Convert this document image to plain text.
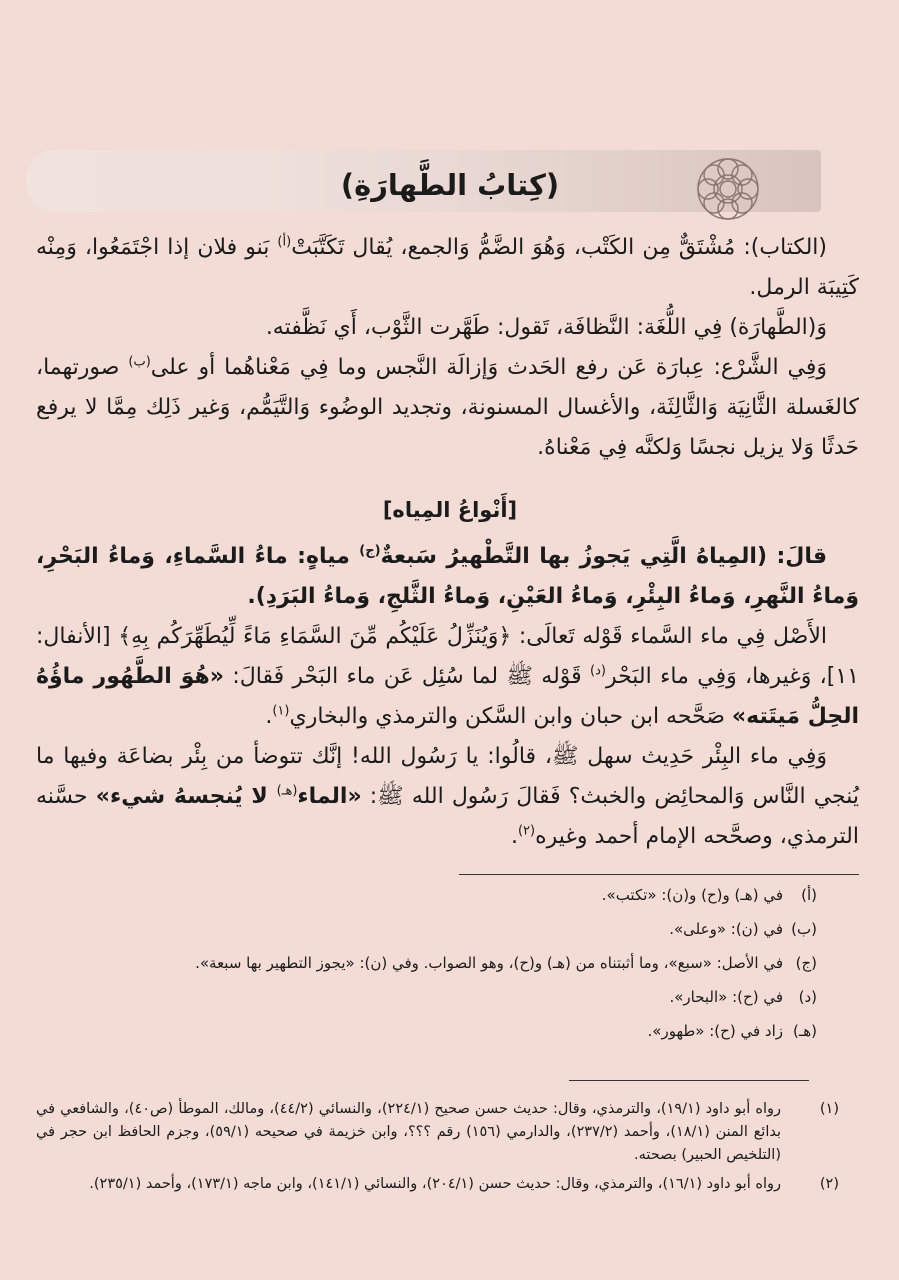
(كِتابُ الطَّهارَةِ)

(الكتاب): مُشْتَقٌّ مِن الكَتْب، وَهُوَ الضَّمُّ وَالجمع، يُقال تَكَتَّبَتْ$^{(أ)}$ بَنو فلان إذا اجْتَمَعُوا، وَمِنْه كَتِيبَة الرمل.

وَ(الطَّهارَة) فِي اللُّغَة: النَّظافَة، تَقول: طَهَّرت الثَّوْب، أَي نَظَّفته.

وَفِي الشَّرْع: عِبارَة عَن رفع الحَدث وَإزالَة النَّجس وما فِي مَعْناهُما أو على$^{(ب)}$ صورتهما، كالغَسلة الثَّانِيَة وَالثَّالِثَة، والأغسال المسنونة، وتجديد الوضُوء وَالتَّيَمُّم، وَغير ذَلِك مِمَّا لا يرفع حَدثًا وَلا يزيل نجسًا وَلكنَّه فِي مَعْناهُ.

[أَنْواعُ المِياه]

قالَ: (المِياهُ الَّتِي يَجوزُ بها التَّطْهيرُ سَبعةٌ$^{(ج)}$ مياهٍ: ماءُ السَّماءِ، وَماءُ البَحْرِ، وَماءُ النَّهرِ، وَماءُ البِئْرِ، وَماءُ العَيْنِ، وَماءُ الثَّلجِ، وَماءُ البَرَدِ).

الأَصْل فِي ماء السَّماء قَوْله تَعالَى: ﴿وَيُنَزِّلُ عَلَيْكُم مِّنَ السَّمَاءِ مَاءً لِّيُطَهِّرَكُم بِهِ﴾ [الأنفال: ١١]، وَغيرها، وَفِي ماء البَحْر$^{(د)}$ قَوْله ﷺ لما سُئِل عَن ماء البَحْر فَقالَ: «هُوَ الطَّهُور ماؤُهُ الحِلُّ مَيتَته» صَحَّحه ابن حبان وابن السَّكن والترمذي والبخاري$^{(١)}$.

وَفِي ماء البِئْر حَدِيث سهل ﷺ، قالُوا: يا رَسُول الله! إنَّك تتوضأ من بِئْر بضاعَة وفيها ما يُنجي النَّاس وَالمحائِض والخبث؟ فَقالَ رَسُول الله ﷺ: «الماء$^{(هـ)}$ لا يُنجسهُ شيء» حسَّنه الترمذي، وصحَّحه الإمام أحمد وغيره$^{(٢)}$.

(أ)
في (هـ) و(ح) و(ن): «تكتب».
(ب)
في (ن): «وعلى».
(ج)
في الأصل: «سبع»، وما أثبتناه من (هـ) و(ح)، وهو الصواب. وفي (ن): «يجوز التطهير بها سبعة».
(د)
في (ح): «البحار».
(هـ)
زاد في (ح): «طهور».
(١)
رواه أبو داود (١٩/١)، والترمذي، وقال: حديث حسن صحيح (٢٢٤/١)، والنسائي (٤٤/٢)، ومالك، الموطأ (ص٤٠)، والشافعي في بدائع المنن (١٨/١)، وأحمد (٢٣٧/٢)، والدارمي (١٥٦) رقم ؟؟؟، وابن خزيمة في صحيحه (٥٩/١)، وجزم الحافظ ابن حجر في (التلخيص الحبير) بصحته.
(٢)
رواه أبو داود (١٦/١)، والترمذي، وقال: حديث حسن (٢٠٤/١)، والنسائي (١٤١/١)، وابن ماجه (١٧٣/١)، وأحمد (٢٣٥/١).
